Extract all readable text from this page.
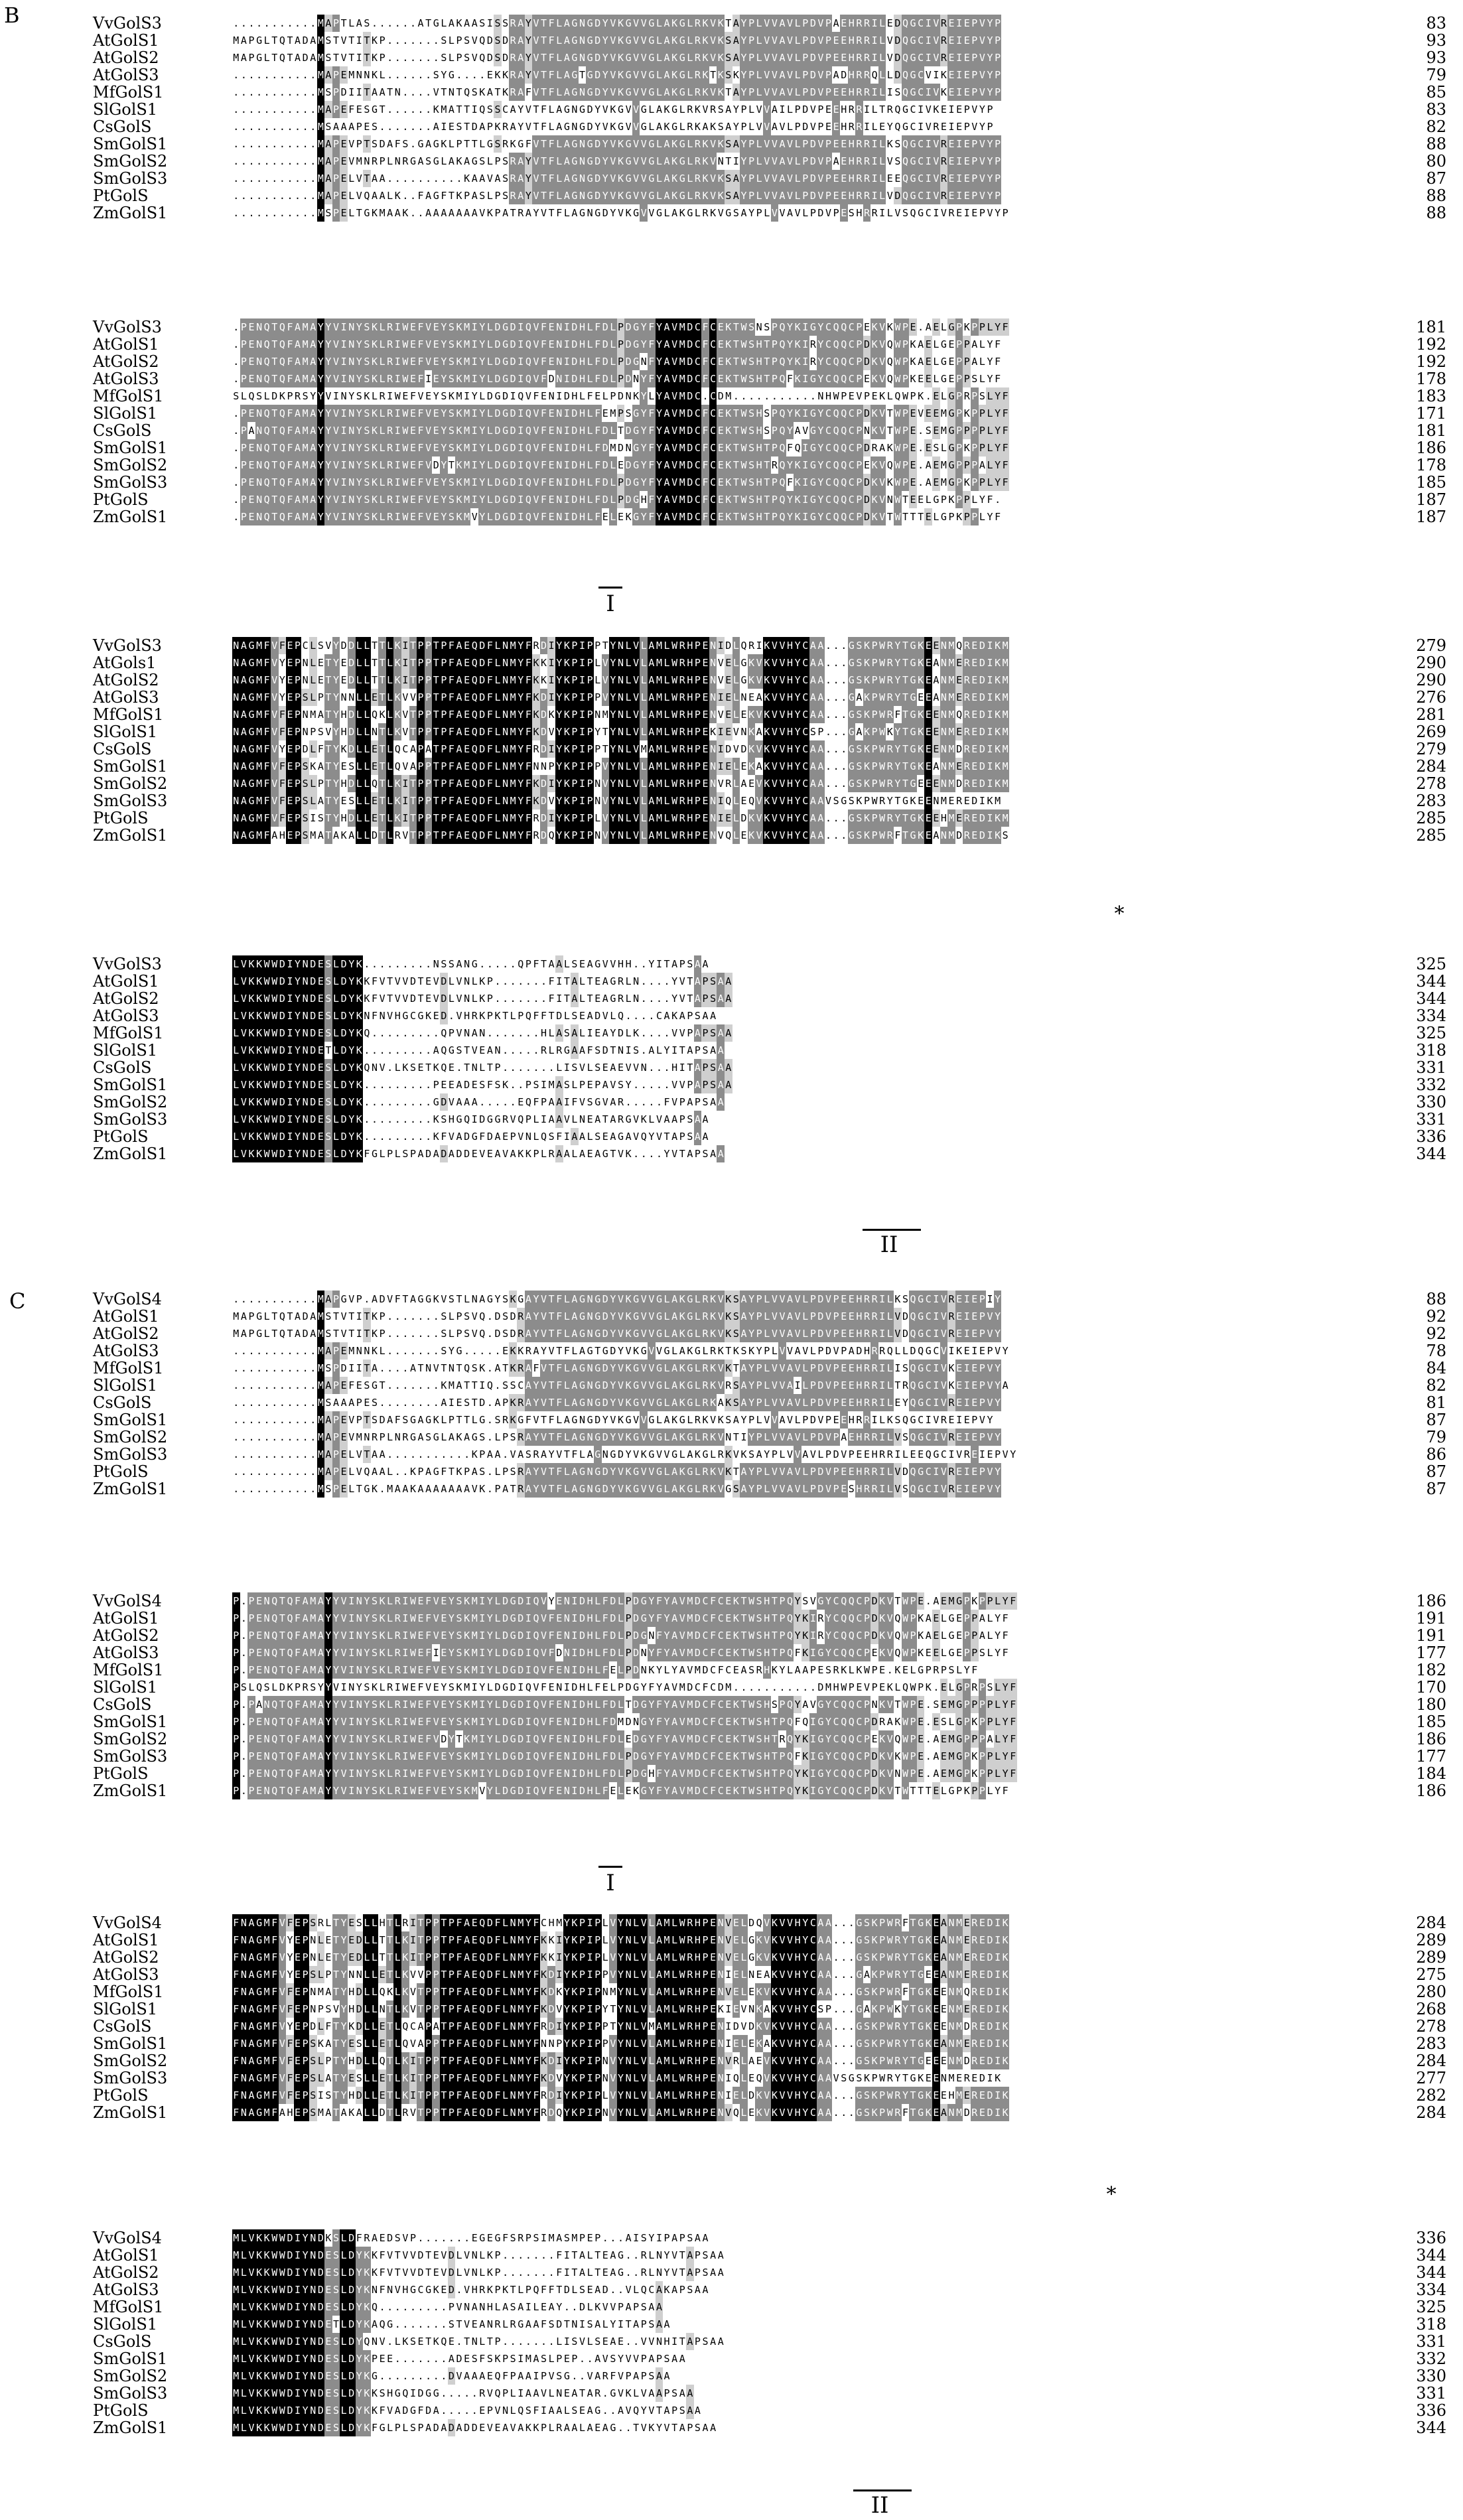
B
C
I
*
II
I
*
II
VvGolS3
AtGolS1
AtGolS2
AtGolS3
MfGolS1
SlGolS1
CsGolS
SmGolS1
SmGolS2
SmGolS3
PtGolS
ZmGolS1
83
93
93
79
85
83
82
88
80
87
88
88
. . . . . . . . . . . M A P T L A S . . . . . . A T G L A K A A S I S S R A Y V T F L A G N G D Y V K G V V G L A K G L R K V K T A Y P L V V A V L P D V P A E H R R I L E D Q G C I V R E I E P V Y P
M A P G L T Q T A D A M S T V T I T K P . . . . . . . S L P S V Q D S D R A Y V T F L A G N G D Y V K G V V G L A K G L R K V K S A Y P L V V A V L P D V P E E H R R I L V D Q G C I V R E I E P V Y P
M A P G L T Q T A D A M S T V T I T K P . . . . . . . S L P S V Q D S D R A Y V T F L A G N G D Y V K G V V G L A K G L R K V K S A Y P L V V A V L P D V P E E H R R I L V D Q G C I V R E I E P V Y P
. . . . . . . . . . . M A P E M N N K L . . . . . . S Y G . . . . E K K R A Y V T F L A G T G D Y V K G V V G L A K G L R K T K S K Y P L V V A V L P D V P A D H R R Q L L D Q G C V I K E I E P V Y P
. . . . . . . . . . . M S P D I I T A A T N . . . . V T N T Q S K A T K R A F V T F L A G N G D Y V K G V V G L A K G L R K V K T A Y P L V V A V L P D V P E E H R R I L I S Q G C I V K E I E P V Y P
. . . . . . . . . . . M A P E F E S G T . . . . . . K M A T T I Q S S C A Y V T F L A G N G D Y V K G V V G L A K G L R K V R S A Y P L V V A I L P D V P E E H R R I L T R Q G C I V K E I E P V Y P
. . . . . . . . . . . M S A A A P E S . . . . . . . A I E S T D A P K R A Y V T F L A G N G D Y V K G V V G L A K G L R K A K S A Y P L V V A V L P D V P E E H R R I L E Y Q G C I V R E I E P V Y P
. . . . . . . . . . . M A P E V P T S D A F S . G A G K L P T T L G S R K G F V T F L A G N G D Y V K G V V G L A K G L R K V K S A Y P L V V A V L P D V P E E H R R I L K S Q G C I V R E I E P V Y P
. . . . . . . . . . . M A P E V M N R P L N R G A S G L A K A G S L P S R A Y V T F L A G N G D Y V K G V V G L A K G L R K V N T I Y P L V V A V L P D V P A E H R R I L V S Q G C I V R E I E P V Y P
. . . . . . . . . . . M A P E L V T A A . . . . . . . . . . K A A V A S R A Y V T F L A G N G D Y V K G V V G L A K G L R K V K S A Y P L V V A V L P D V P E E H R R I L E E Q G C I V R E I E P V Y P
. . . . . . . . . . . M A P E L V Q A A L K . . F A G F T K P A S L P S R A Y V T F L A G N G D Y V K G V V G L A K G L R K V K S A Y P L V V A V L P D V P E E H R R I L V D Q G C I V R E I E P V Y P
. . . . . . . . . . . M S P E L T G K M A A K . . A A A A A A A V K P A T R A Y V T F L A G N G D Y V K G V V G L A K G L R K V G S A Y P L V V A V L P D V P E S H R R I L V S Q G C I V R E I E P V Y P
VvGolS3
AtGolS1
AtGolS2
AtGolS3
MfGolS1
SlGolS1
CsGolS
SmGolS1
SmGolS2
SmGolS3
PtGolS
ZmGolS1
181
192
192
178
183
171
181
186
178
185
187
187
. P E N Q T Q F A M A Y Y V I N Y S K L R I W E F V E Y S K M I Y L D G D I Q V F E N I D H L F D L P D G Y F Y A V M D C F C E K T W S N S P Q Y K I G Y C Q Q C P E K V K W P E . A E L G P K P P L Y F
. P E N Q T Q F A M A Y Y V I N Y S K L R I W E F V E Y S K M I Y L D G D I Q V F E N I D H L F D L P D G Y F Y A V M D C F C E K T W S H T P Q Y K I R Y C Q Q C P D K V Q W P K A E L G E P P A L Y F
. P E N Q T Q F A M A Y Y V I N Y S K L R I W E F V E Y S K M I Y L D G D I Q V F E N I D H L F D L P D G N F Y A V M D C F C E K T W S H T P Q Y K I R Y C Q Q C P D K V Q W P K A E L G E P P A L Y F
. P E N Q T Q F A M A Y Y V I N Y S K L R I W E F I E Y S K M I Y L D G D I Q V F D N I D H L F D L P D N Y F Y A V M D C F C E K T W S H T P Q F K I G Y C Q Q C P E K V Q W P K E E L G E P P S L Y F
S L Q S L D K P R S Y Y V I N Y S K L R I W E F V E Y S K M I Y L D G D I Q V F E N I D H L F E L P D N K Y L Y A V M D C . C D M . . . . . . . . . . . N H W P E V P E K L Q W P K . E L G P R P S L Y F
. P E N Q T Q F A M A Y Y V I N Y S K L R I W E F V E Y S K M I Y L D G D I Q V F E N I D H L F E M P S G Y F Y A V M D C F C E K T W S H S P Q Y K I G Y C Q Q C P D K V T W P E V E E M G P K P P L Y F
. P A N Q T Q F A M A Y Y V I N Y S K L R I W E F V E Y S K M I Y L D G D I Q V F E N I D H L F D L T D G Y F Y A V M D C F C E K T W S H S P Q Y A V G Y C Q Q C P N K V T W P E . S E M G P P P P L Y F
. P E N Q T Q F A M A Y Y V I N Y S K L R I W E F V E Y S K M I Y L D G D I Q V F E N I D H L F D M D N G Y F Y A V M D C F C E K T W S H T P Q F Q I G Y C Q Q C P D R A K W P E . E S L G P K P P L Y F
. P E N Q T Q F A M A Y Y V I N Y S K L R I W E F V D Y T K M I Y L D G D I Q V F E N I D H L F D L E D G Y F Y A V M D C F C E K T W S H T R Q Y K I G Y C Q Q C P E K V Q W P E . A E M G P P P A L Y F
. P E N Q T Q F A M A Y Y V I N Y S K L R I W E F V E Y S K M I Y L D G D I Q V F E N I D H L F D L P D G Y F Y A V M D C F C E K T W S H T P Q F K I G Y C Q Q C P D K V K W P E . A E M G P K P P L Y F
. P E N Q T Q F A M A Y Y V I N Y S K L R I W E F V E Y S K M I Y L D G D I Q V F E N I D H L F D L P D G H F Y A V M D C F C E K T W S H T P Q Y K I G Y C Q Q C P D K V N W T E E L G P K P P L Y F .
. P E N Q T Q F A M A Y Y V I N Y S K L R I W E F V E Y S K M V Y L D G D I Q V F E N I D H L F E L E K G Y F Y A V M D C F C E K T W S H T P Q Y K I G Y C Q Q C P D K V T W T T T E L G P K P P L Y F
VvGolS3
AtGols1
AtGolS2
AtGolS3
MfGolS1
SlGolS1
CsGolS
SmGolS1
SmGolS2
SmGolS3
PtGolS
ZmGolS1
279
290
290
276
281
269
279
284
278
283
285
285
N A G M F V F E P C L S V Y D D L L T T L K I T P P T P F A E Q D F L N M Y F R D I Y K P I P P T Y N L V L A M L W R H P E N I D L Q R I K V V H Y C A A . . . G S K P W R Y T G K E E N M Q R E D I K M
N A G M F V Y E P N L E T Y E D L L T T L K I T P P T P F A E Q D F L N M Y F K K I Y K P I P L V Y N L V L A M L W R H P E N V E L G K V K V V H Y C A A . . . G S K P W R Y T G K E A N M E R E D I K M
N A G M F V Y E P N L E T Y E D L L T T L K I T P P T P F A E Q D F L N M Y F K K I Y K P I P L V Y N L V L A M L W R H P E N V E L G K V K V V H Y C A A . . . G S K P W R Y T G K E A N M E R E D I K M
N A G M F V Y E P S L P T Y N N L L E T L K V V P P T P F A E Q D F L N M Y F K D I Y K P I P P V Y N L V L A M L W R H P E N I E L N E A K V V H Y C A A . . . G A K P W R Y T G E E A N M E R E D I K M
N A G M F V F E P N M A T Y H D L L Q K L K V T P P T P F A E Q D F L N M Y F K D K Y K P I P N M Y N L V L A M L W R H P E N V E L E K V K V V H Y C A A . . . G S K P W R F T G K E E N M Q R E D I K M
N A G M F V F E P N P S V Y H D L L N T L K V T P P T P F A E Q D F L N M Y F K D V Y K P I P Y T Y N L V L A M L W R H P E K I E V N K A K V V H Y C S P . . . G A K P W K Y T G K E E N M E R E D I K M
N A G M F V Y E P D L F T Y K D L L E T L Q C A P A T P F A E Q D F L N M Y F R D I Y K P I P P T Y N L V M A M L W R H P E N I D V D K V K V V H Y C A A . . . G S K P W R Y T G K E E N M D R E D I K M
N A G M F V F E P S K A T Y E S L L E T L Q V A P P T P F A E Q D F L N M Y F N N P Y K P I P P V Y N L V L A M L W R H P E N I E L E K A K V V H Y C A A . . . G S K P W R Y T G K E A N M E R E D I K M
N A G M F V F E P S L P T Y H D L L Q T L K I T P P T P F A E Q D F L N M Y F K D I Y K P I P N V Y N L V L A M L W R H P E N V R L A E V K V V H Y C A A . . . G S K P W R Y T G E E E N M D R E D I K M
N A G M F V F E P S L A T Y E S L L E T L K I T P P T P F A E Q D F L N M Y F K D V Y K P I P N V Y N L V L A M L W R H P E N I Q L E Q V K V V H Y C A A V S G S K P W R Y T G K E E N M E R E D I K M
N A G M F V F E P S I S T Y H D L L E T L K I T P P T P F A E Q D F L N M Y F R D I Y K P I P L V Y N L V L A M L W R H P E N I E L D K V K V V H Y C A A . . . G S K P W R Y T G K E E H M E R E D I K M
N A G M F A H E P S M A T A K A L L D T L R V T P P T P F A E Q D F L N M Y F R D Q Y K P I P N V Y N L V L A M L W R H P E N V Q L E K V K V V H Y C A A . . . G S K P W R F T G K E A N M D R E D I K S
VvGolS3
AtGolS1
AtGolS2
AtGolS3
MfGolS1
SlGolS1
CsGolS
SmGolS1
SmGolS2
SmGolS3
PtGolS
ZmGolS1
325
344
344
334
325
318
331
332
330
331
336
344
L V K K W W D I Y N D E S L D Y K . . . . . . . . . N S S A N G . . . . . Q P F T A A L S E A G V V H H . . Y I T A P S A A
L V K K W W D I Y N D E S L D Y K K F V T V V D T E V D L V N L K P . . . . . . . F I T A L T E A G R L N . . . . Y V T A P S A A
L V K K W W D I Y N D E S L D Y K K F V T V V D T E V D L V N L K P . . . . . . . F I T A L T E A G R L N . . . . Y V T A P S A A
L V K K W W D I Y N D E S L D Y K N F N V H G C G K E D . V H R K P K T L P Q F F T D L S E A D V L Q . . . . C A K A P S A A
L V K K W W D I Y N D E S L D Y K Q . . . . . . . . . Q P V N A N . . . . . . . H L A S A L I E A Y D L K . . . . V V P A P S A A
L V K K W W D I Y N D E T L D Y K . . . . . . . . . A Q G S T V E A N . . . . . R L R G A A F S D T N I S . A L Y I T A P S A A
L V K K W W D I Y N D E S L D Y K Q N V . L K S E T K Q E . T N L T P . . . . . . . L I S V L S E A E V V N . . . H I T A P S A A
L V K K W W D I Y N D E S L D Y K . . . . . . . . . P E E A D E S F S K . . P S I M A S L P E P A V S Y . . . . . V V P A P S A A
L V K K W W D I Y N D E S L D Y K . . . . . . . . . G D V A A A . . . . . E Q F P A A I F V S G V A R . . . . . F V P A P S A A
L V K K W W D I Y N D E S L D Y K . . . . . . . . . K S H G Q I D G G R V Q P L I A A V L N E A T A R G V K L V A A P S A A
L V K K W W D I Y N D E S L D Y K . . . . . . . . . K F V A D G F D A E P V N L Q S F I A A L S E A G A V Q Y V T A P S A A
L V K K W W D I Y N D E S L D Y K F G L P L S P A D A D A D D E V E A V A K K P L R A A L A E A G T V K . . . . Y V T A P S A A
VvGolS4
AtGolS1
AtGolS2
AtGolS3
MfGolS1
SlGolS1
CsGolS
SmGolS1
SmGolS2
SmGolS3
PtGolS
ZmGolS1
88
92
92
78
84
82
81
87
79
86
87
87
. . . . . . . . . . . M A P G V P . A D V F T A G G K V S T L N A G Y S K G A Y V T F L A G N G D Y V K G V V G L A K G L R K V K S A Y P L V V A V L P D V P E E H R R I L K S Q G C I V R E I E P I Y
M A P G L T Q T A D A M S T V T I T K P . . . . . . . S L P S V Q . D S D R A Y V T F L A G N G D Y V K G V V G L A K G L R K V K S A Y P L V V A V L P D V P E E H R R I L V D Q G C I V R E I E P V Y
M A P G L T Q T A D A M S T V T I T K P . . . . . . . S L P S V Q . D S D R A Y V T F L A G N G D Y V K G V V G L A K G L R K V K S A Y P L V V A V L P D V P E E H R R I L V D Q G C I V R E I E P V Y
. . . . . . . . . . . M A P E M N N K L . . . . . . . S Y G . . . . . E K K R A Y V T F L A G T G D Y V K G V V G L A K G L R K T K S K Y P L V V A V L P D V P A D H R R Q L L D Q G C V I K E I E P V Y
. . . . . . . . . . . M S P D I I T A . . . . A T N V T N T Q S K . A T K R A F V T F L A G N G D Y V K G V V G L A K G L R K V K T A Y P L V V A V L P D V P E E H R R I L I S Q G C I V K E I E P V Y
. . . . . . . . . . . M A P E F E S G T . . . . . . . K M A T T I Q . S S C A Y V T F L A G N G D Y V K G V V G L A K G L R K V R S A Y P L V V A I L P D V P E E H R R I L T R Q G C I V K E I E P V Y A
. . . . . . . . . . . M S A A A P E S . . . . . . . . A I E S T D . A P K R A Y V T F L A G N G D Y V K G V V G L A K G L R K A K S A Y P L V V A V L P D V P E E H R R I L E Y Q G C I V R E I E P V Y
. . . . . . . . . . . M A P E V P T S D A F S G A G K L P T T L G . S R K G F V T F L A G N G D Y V K G V V G L A K G L R K V K S A Y P L V V A V L P D V P E E H R R I L K S Q G C I V R E I E P V Y
. . . . . . . . . . . M A P E V M N R P L N R G A S G L A K A G S . L P S R A Y V T F L A G N G D Y V K G V V G L A K G L R K V N T I Y P L V V A V L P D V P A E H R R I L V S Q G C I V R E I E P V Y
. . . . . . . . . . . M A P E L V T A A . . . . . . . . . . . K P A A . V A S R A Y V T F L A G N G D Y V K G V V G L A K G L R K V K S A Y P L V V A V L P D V P E E H R R I L E E Q G C I V R E I E P V Y
. . . . . . . . . . . M A P E L V Q A A L . . K P A G F T K P A S . L P S R A Y V T F L A G N G D Y V K G V V G L A K G L R K V K T A Y P L V V A V L P D V P E E H R R I L V D Q G C I V R E I E P V Y
. . . . . . . . . . . M S P E L T G K . M A A K A A A A A A A V K . P A T R A Y V T F L A G N G D Y V K G V V G L A K G L R K V G S A Y P L V V A V L P D V P E S H R R I L V S Q G C I V R E I E P V Y
VvGolS4
AtGolS1
AtGolS2
AtGolS3
MfGolS1
SlGolS1
CsGolS
SmGolS1
SmGolS2
SmGolS3
PtGolS
ZmGolS1
186
191
191
177
182
170
180
185
186
177
184
186
P . P E N Q T Q F A M A Y Y V I N Y S K L R I W E F V E Y S K M I Y L D G D I Q V Y E N I D H L F D L P D G Y F Y A V M D C F C E K T W S H T P Q Y S V G Y C Q Q C P D K V T W P E . A E M G P K P P L Y F
P . P E N Q T Q F A M A Y Y V I N Y S K L R I W E F V E Y S K M I Y L D G D I Q V F E N I D H L F D L P D G Y F Y A V M D C F C E K T W S H T P Q Y K I R Y C Q Q C P D K V Q W P K A E L G E P P A L Y F
P . P E N Q T Q F A M A Y Y V I N Y S K L R I W E F V E Y S K M I Y L D G D I Q V F E N I D H L F D L P D G N F Y A V M D C F C E K T W S H T P Q Y K I R Y C Q Q C P D K V Q W P K A E L G E P P A L Y F
P . P E N Q T Q F A M A Y Y V I N Y S K L R I W E F I E Y S K M I Y L D G D I Q V F D N I D H L F D L P D N Y F Y A V M D C F C E K T W S H T P Q F K I G Y C Q Q C P E K V Q W P K E E L G E P P S L Y F
P . P E N Q T Q F A M A Y Y V I N Y S K L R I W E F V E Y S K M I Y L D G D I Q V F E N I D H L F E L P D N K Y L Y A V M D C F C E A S R H K Y L A A P E S R K L K W P E . K E L G P R P S L Y F
P S L Q S L D K P R S Y Y V I N Y S K L R I W E F V E Y S K M I Y L D G D I Q V F E N I D H L F E L P D G Y F Y A V M D C F C D M . . . . . . . . . . . D M H W P E V P E K L Q W P K . E L G P R P S L Y F
P . P A N Q T Q F A M A Y Y V I N Y S K L R I W E F V E Y S K M I Y L D G D I Q V F E N I D H L F D L T D G Y F Y A V M D C F C E K T W S H S P Q Y A V G Y C Q Q C P N K V T W P E . S E M G P P P P L Y F
P . P E N Q T Q F A M A Y Y V I N Y S K L R I W E F V E Y S K M I Y L D G D I Q V F E N I D H L F D M D N G Y F Y A V M D C F C E K T W S H T P Q F Q I G Y C Q Q C P D R A K W P E . E S L G P K P P L Y F
P . P E N Q T Q F A M A Y Y V I N Y S K L R I W E F V D Y T K M I Y L D G D I Q V F E N I D H L F D L E D G Y F Y A V M D C F C E K T W S H T R Q Y K I G Y C Q Q C P E K V Q W P E . A E M G P P P A L Y F
P . P E N Q T Q F A M A Y Y V I N Y S K L R I W E F V E Y S K M I Y L D G D I Q V F E N I D H L F D L P D G Y F Y A V M D C F C E K T W S H T P Q F K I G Y C Q Q C P D K V K W P E . A E M G P K P P L Y F
P . P E N Q T Q F A M A Y Y V I N Y S K L R I W E F V E Y S K M I Y L D G D I Q V F E N I D H L F D L P D G H F Y A V M D C F C E K T W S H T P Q Y K I G Y C Q Q C P D K V N W P E . A E M G P K P P L Y F
P . P E N Q T Q F A M A Y Y V I N Y S K L R I W E F V E Y S K M V Y L D G D I Q V F E N I D H L F E L E K G Y F Y A V M D C F C E K T W S H T P Q Y K I G Y C Q Q C P D K V T W T T T E L G P K P P L Y F
VvGolS4
AtGolS1
AtGolS2
AtGolS3
MfGolS1
SlGolS1
CsGolS
SmGolS1
SmGolS2
SmGolS3
PtGolS
ZmGolS1
284
289
289
275
280
268
278
283
284
277
282
284
F N A G M F V F E P S R L T Y E S L L H T L R I T P P T P F A E Q D F L N M Y F C H M Y K P I P L V Y N L V L A M L W R H P E N V E L D Q V K V V H Y C A A . . . G S K P W R F T G K E A N M E R E D I K
F N A G M F V Y E P N L E T Y E D L L T T L K I T P P T P F A E Q D F L N M Y F K K I Y K P I P L V Y N L V L A M L W R H P E N V E L G K V K V V H Y C A A . . . G S K P W R Y T G K E A N M E R E D I K
F N A G M F V Y E P N L E T Y E D L L T T L K I T P P T P F A E Q D F L N M Y F K K I Y K P I P L V Y N L V L A M L W R H P E N V E L G K V K V V H Y C A A . . . G S K P W R Y T G K E A N M E R E D I K
F N A G M F V Y E P S L P T Y N N L L E T L K V V P P T P F A E Q D F L N M Y F K D I Y K P I P P V Y N L V L A M L W R H P E N I E L N E A K V V H Y C A A . . . G A K P W R Y T G E E A N M E R E D I K
F N A G M F V F E P N M A T Y H D L L Q K L K V T P P T P F A E Q D F L N M Y F K D K Y K P I P N M Y N L V L A M L W R H P E N V E L E K V K V V H Y C A A . . . G S K P W R F T G K E E N M Q R E D I K
F N A G M F V F E P N P S V Y H D L L N T L K V T P P T P F A E Q D F L N M Y F K D V Y K P I P Y T Y N L V L A M L W R H P E K I E V N K A K V V H Y C S P . . . G A K P W K Y T G K E E N M E R E D I K
F N A G M F V Y E P D L F T Y K D L L E T L Q C A P A T P F A E Q D F L N M Y F R D I Y K P I P P T Y N L V M A M L W R H P E N I D V D K V K V V H Y C A A . . . G S K P W R Y T G K E E N M D R E D I K
F N A G M F V F E P S K A T Y E S L L E T L Q V A P P T P F A E Q D F L N M Y F N N P Y K P I P P V Y N L V L A M L W R H P E N I E L E K A K V V H Y C A A . . . G S K P W R Y T G K E A N M E R E D I K
F N A G M F V F E P S L P T Y H D L L Q T L K I T P P T P F A E Q D F L N M Y F K D I Y K P I P N V Y N L V L A M L W R H P E N V R L A E V K V V H Y C A A . . . G S K P W R Y T G E E E N M D R E D I K
F N A G M F V F E P S L A T Y E S L L E T L K I T P P T P F A E Q D F L N M Y F K D V Y K P I P N V Y N L V L A M L W R H P E N I Q L E Q V K V V H Y C A A V S G S K P W R Y T G K E E N M E R E D I K
F N A G M F V F E P S I S T Y H D L L E T L K I T P P T P F A E Q D F L N M Y F R D I Y K P I P L V Y N L V L A M L W R H P E N I E L D K V K V V H Y C A A . . . G S K P W R Y T G K E E H M E R E D I K
F N A G M F A H E P S M A T A K A L L D T L R V T P P T P F A E Q D F L N M Y F R D Q Y K P I P N V Y N L V L A M L W R H P E N V Q L E K V K V V H Y C A A . . . G S K P W R F T G K E A N M D R E D I K
VvGolS4
AtGolS1
AtGolS2
AtGolS3
MfGolS1
SlGolS1
CsGolS
SmGolS1
SmGolS2
SmGolS3
PtGolS
ZmGolS1
336
344
344
334
325
318
331
332
330
331
336
344
M L V K K W W D I Y N D K S L D F R A E D S V P . . . . . . . E G E G F S R P S I M A S M P E P . . . A I S Y I P A P S A A
M L V K K W W D I Y N D E S L D Y K K F V T V V D T E V D L V N L K P . . . . . . . F I T A L T E A G . . R L N Y V T A P S A A
M L V K K W W D I Y N D E S L D Y K K F V T V V D T E V D L V N L K P . . . . . . . F I T A L T E A G . . R L N Y V T A P S A A
M L V K K W W D I Y N D E S L D Y K N F N V H G C G K E D . V H R K P K T L P Q F F T D L S E A D . . V L Q C A K A P S A A
M L V K K W W D I Y N D E S L D Y K Q . . . . . . . . . P V N A N H L A S A I L E A Y . . D L K V V P A P S A A
M L V K K W W D I Y N D E T L D Y K A Q G . . . . . . . S T V E A N R L R G A A F S D T N I S A L Y I T A P S A A
M L V K K W W D I Y N D E S L D Y Q N V . L K S E T K Q E . T N L T P . . . . . . . L I S V L S E A E . . V V N H I T A P S A A
M L V K K W W D I Y N D E S L D Y K P E E . . . . . . . A D E S F S K P S I M A S L P E P . . A V S Y V V P A P S A A
M L V K K W W D I Y N D E S L D Y K G . . . . . . . . . D V A A A E Q F P A A I P V S G . . V A R F V P A P S A A
M L V K K W W D I Y N D E S L D Y K K S H G Q I D G G . . . . . R V Q P L I A A V L N E A T A R . G V K L V A A P S A A
M L V K K W W D I Y N D E S L D Y K K F V A D G F D A . . . . . E P V N L Q S F I A A L S E A G . . A V Q Y V T A P S A A
M L V K K W W D I Y N D E S L D Y K F G L P L S P A D A D A D D E V E A V A K K P L R A A L A E A G . . T V K Y V T A P S A A
